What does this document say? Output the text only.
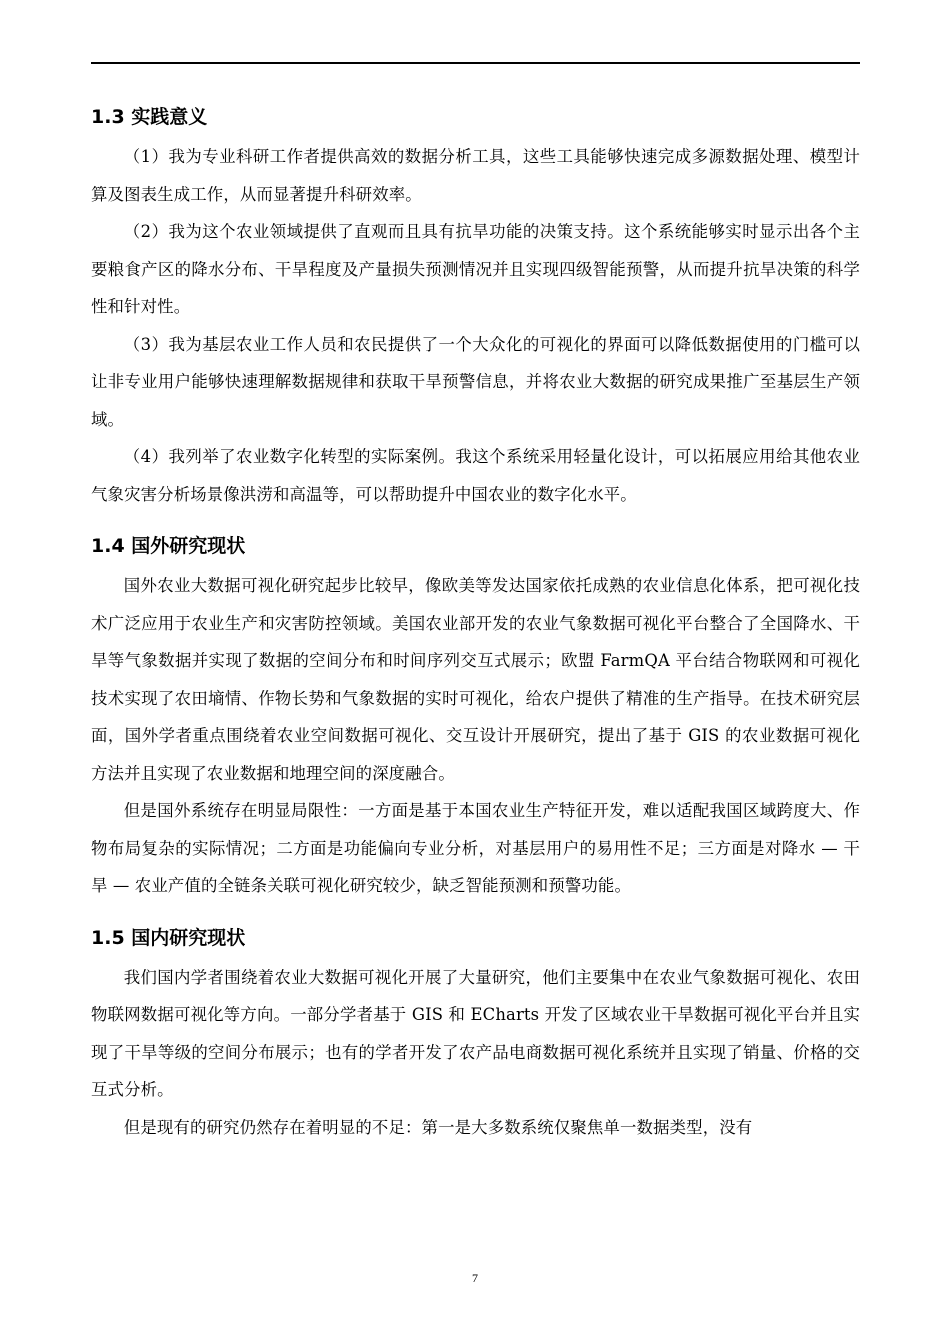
1.3 实践意义

（1）我为专业科研工作者提供高效的数据分析工具，这些工具能够快速完成多源数据处理、模型计算及图表生成工作，从而显著提升科研效率。

（2）我为这个农业领域提供了直观而且具有抗旱功能的决策支持。这个系统能够实时显示出各个主要粮食产区的降水分布、干旱程度及产量损失预测情况并且实现四级智能预警，从而提升抗旱决策的科学性和针对性。

（3）我为基层农业工作人员和农民提供了一个大众化的可视化的界面可以降低数据使用的门槛可以让非专业用户能够快速理解数据规律和获取干旱预警信息，并将农业大数据的研究成果推广至基层生产领域。

（4）我列举了农业数字化转型的实际案例。我这个系统采用轻量化设计，可以拓展应用给其他农业气象灾害分析场景像洪涝和高温等，可以帮助提升中国农业的数字化水平。

1.4 国外研究现状

国外农业大数据可视化研究起步比较早，像欧美等发达国家依托成熟的农业信息化体系，把可视化技术广泛应用于农业生产和灾害防控领域。美国农业部开发的农业气象数据可视化平台整合了全国降水、干旱等气象数据并实现了数据的空间分布和时间序列交互式展示；欧盟 FarmQA 平台结合物联网和可视化技术实现了农田墒情、作物长势和气象数据的实时可视化，给农户提供了精准的生产指导。在技术研究层面，国外学者重点围绕着农业空间数据可视化、交互设计开展研究，提出了基于 GIS 的农业数据可视化方法并且实现了农业数据和地理空间的深度融合。

但是国外系统存在明显局限性：一方面是基于本国农业生产特征开发，难以适配我国区域跨度大、作物布局复杂的实际情况；二方面是功能偏向专业分析，对基层用户的易用性不足；三方面是对降水 — 干旱 — 农业产值的全链条关联可视化研究较少，缺乏智能预测和预警功能。

1.5 国内研究现状

我们国内学者围绕着农业大数据可视化开展了大量研究，他们主要集中在农业气象数据可视化、农田物联网数据可视化等方向。一部分学者基于 GIS 和 ECharts 开发了区域农业干旱数据可视化平台并且实现了干旱等级的空间分布展示；也有的学者开发了农产品电商数据可视化系统并且实现了销量、价格的交互式分析。

但是现有的研究仍然存在着明显的不足：第一是大多数系统仅聚焦单一数据类型，没有

7
